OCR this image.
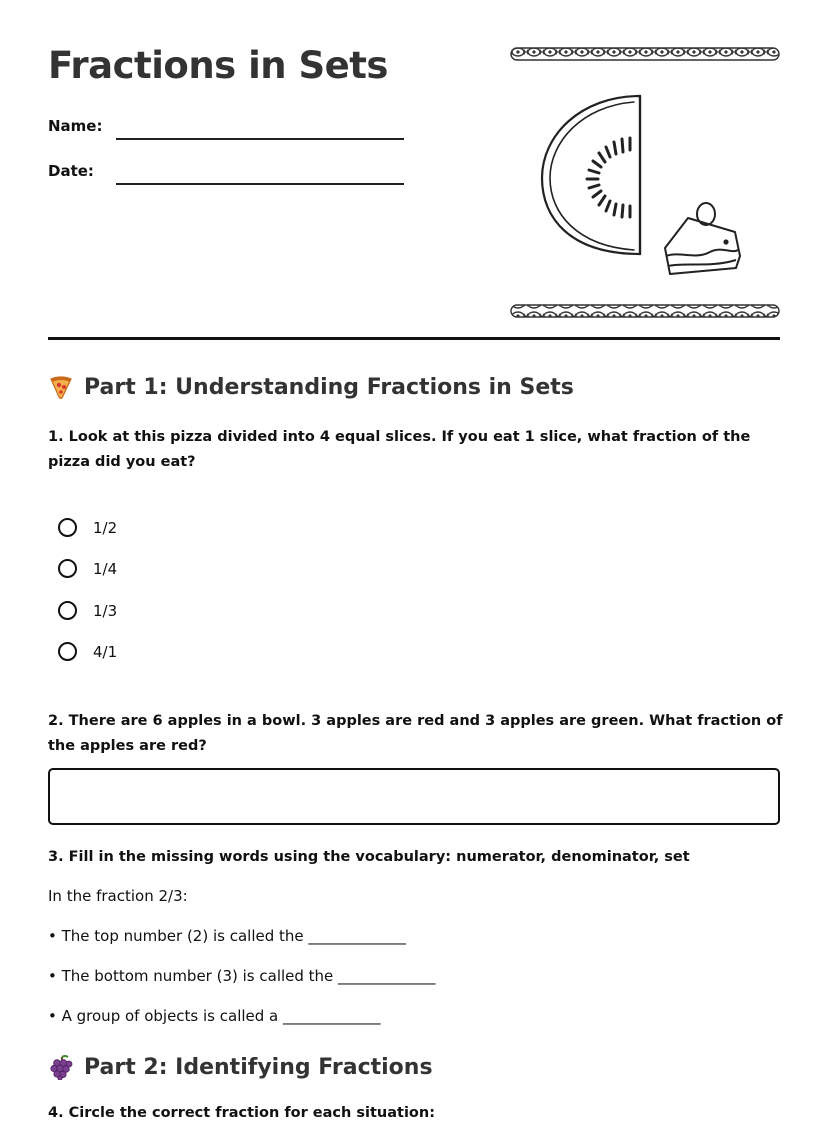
Fractions in Sets
Name:
Date:
Part 1: Understanding Fractions in Sets

1. Look at this pizza divided into 4 equal slices. If you eat 1 slice, what fraction of the pizza did you eat?

1/2
1/4
1/3
4/1

2. There are 6 apples in a bowl. 3 apples are red and 3 apples are green. What fraction of the apples are red?

3. Fill in the missing words using the vocabulary: numerator, denominator, set

In the fraction 2/3:
• The top number (2) is called the _____________
• The bottom number (3) is called the _____________
• A group of objects is called a _____________
Part 2: Identifying Fractions

4. Circle the correct fraction for each situation:
